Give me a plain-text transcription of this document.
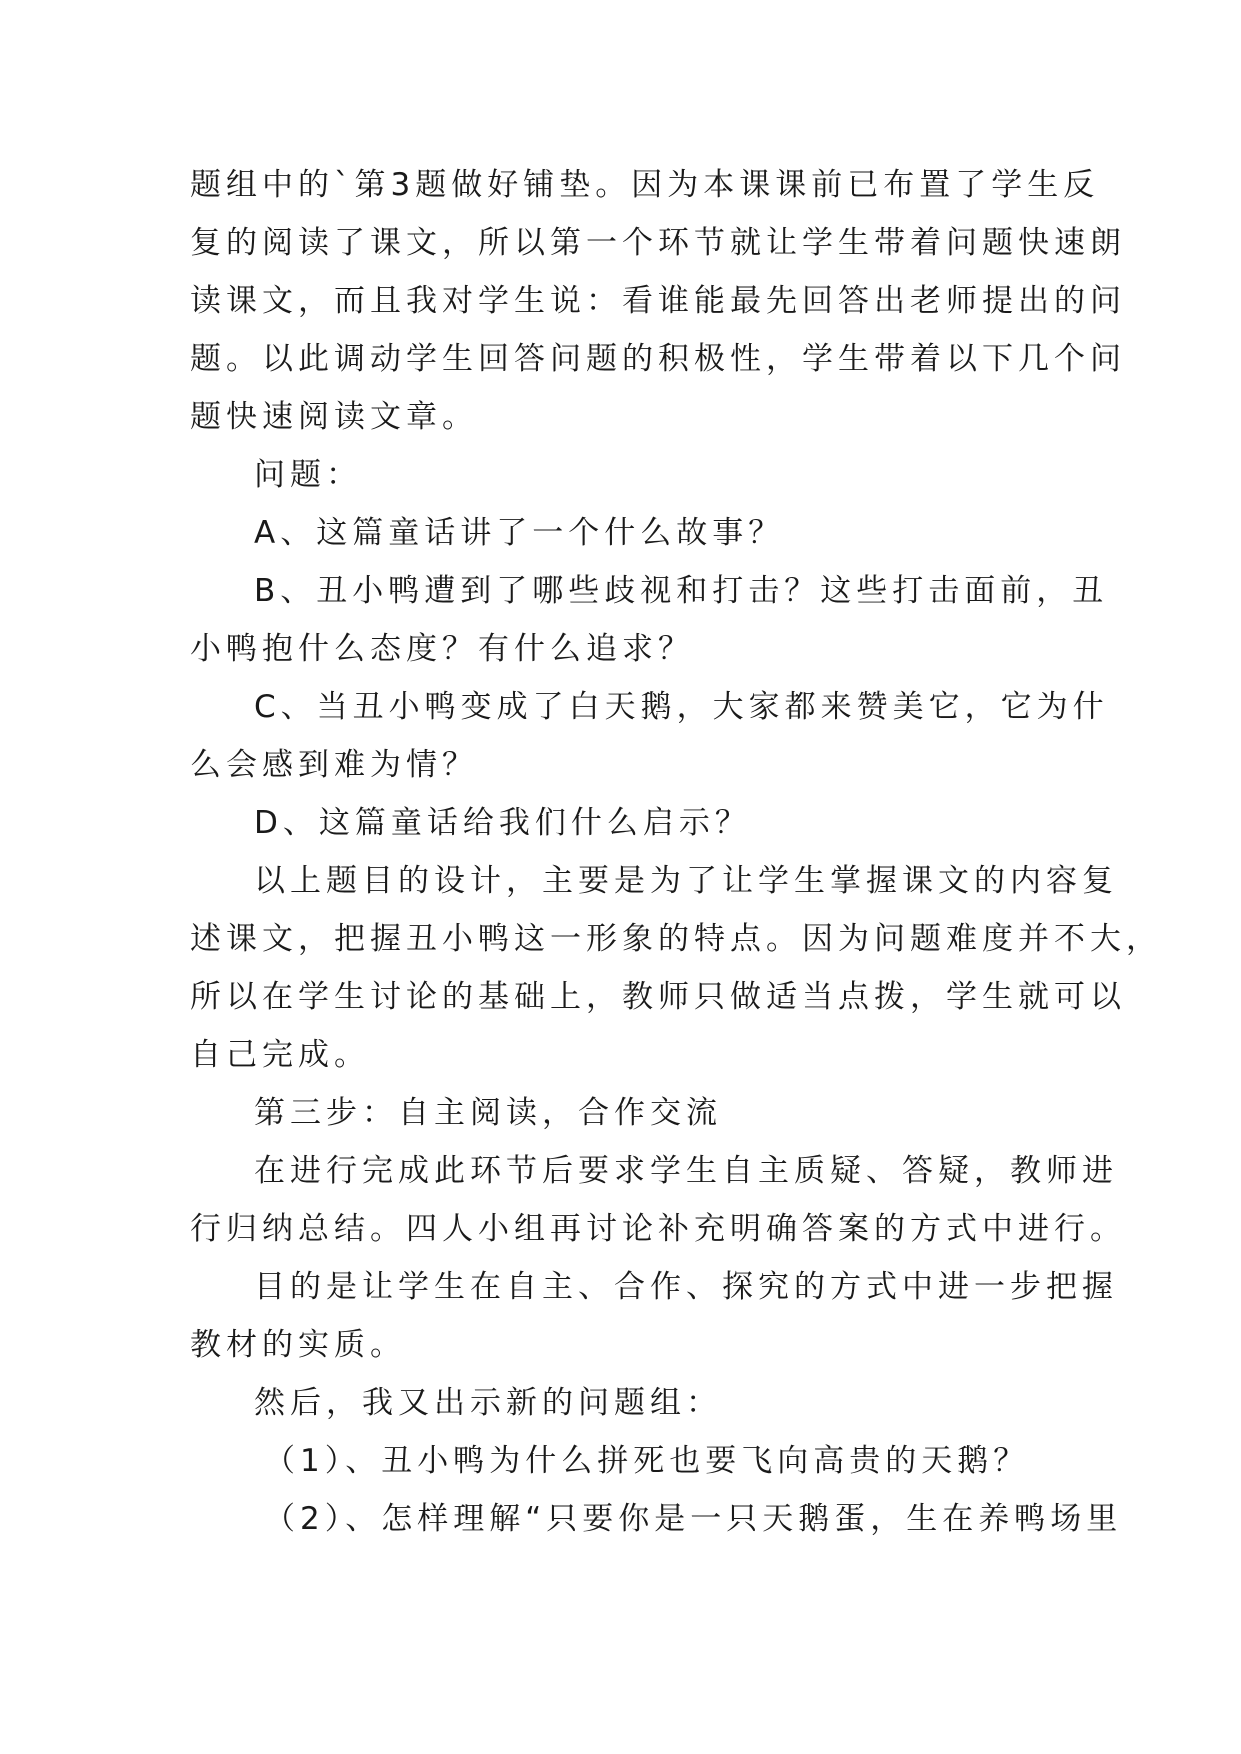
题组中的`第3题做好铺垫。因为本课课前已布置了学生反

复的阅读了课文，所以第一个环节就让学生带着问题快速朗

读课文，而且我对学生说：看谁能最先回答出老师提出的问

题。以此调动学生回答问题的积极性，学生带着以下几个问

题快速阅读文章。

问题：

A、这篇童话讲了一个什么故事？

B、丑小鸭遭到了哪些歧视和打击？这些打击面前，丑

小鸭抱什么态度？有什么追求？

C、当丑小鸭变成了白天鹅，大家都来赞美它，它为什

么会感到难为情？

D、这篇童话给我们什么启示？

以上题目的设计，主要是为了让学生掌握课文的内容复

述课文，把握丑小鸭这一形象的特点。因为问题难度并不大，

所以在学生讨论的基础上，教师只做适当点拨，学生就可以

自己完成。

第三步：自主阅读，合作交流

在进行完成此环节后要求学生自主质疑、答疑，教师进

行归纳总结。四人小组再讨论补充明确答案的方式中进行。

目的是让学生在自主、合作、探究的方式中进一步把握

教材的实质。

然后，我又出示新的问题组：

（1）、丑小鸭为什么拼死也要飞向高贵的天鹅？

（2）、怎样理解“只要你是一只天鹅蛋，生在养鸭场里
